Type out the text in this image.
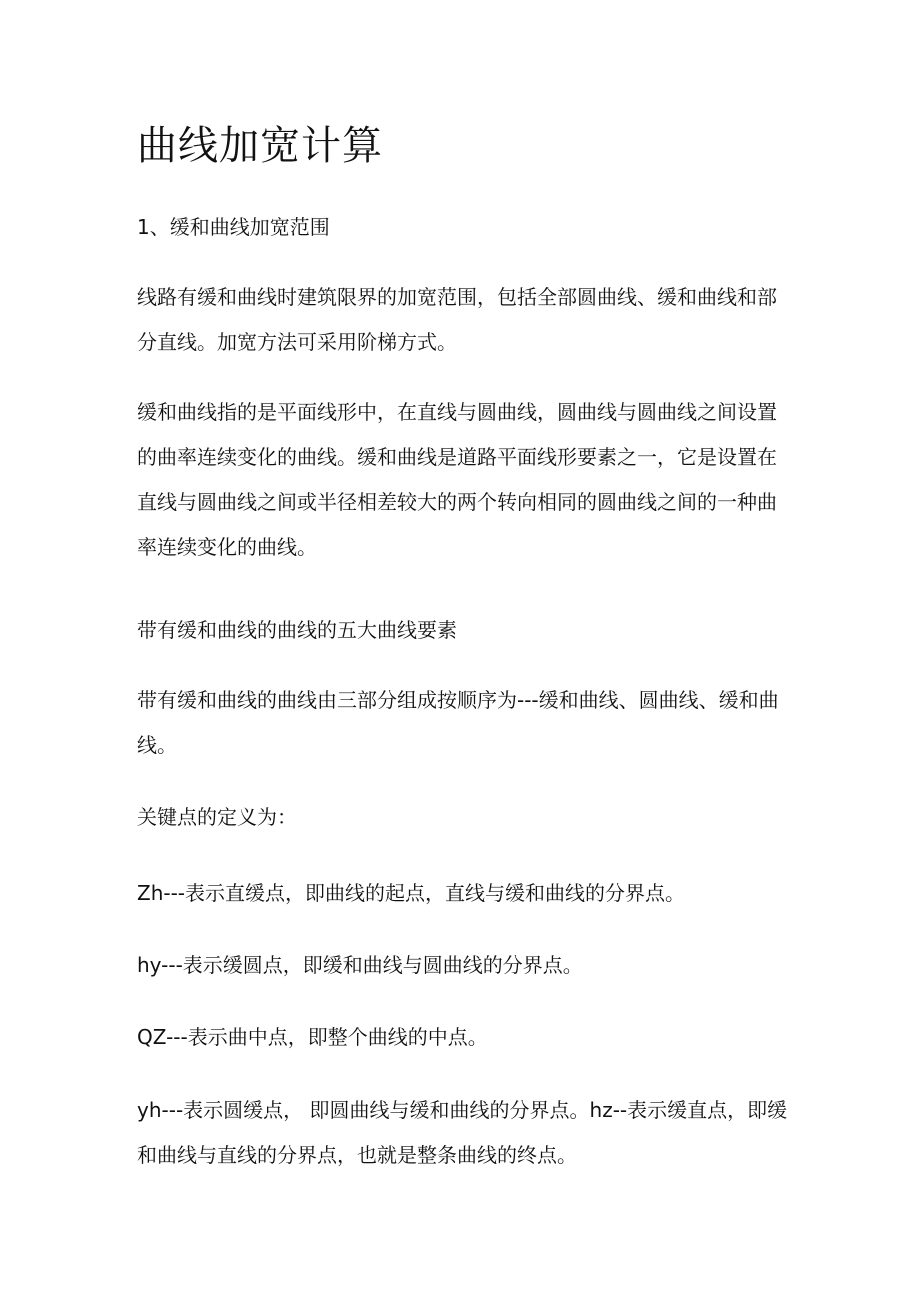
曲线加宽计算

1、缓和曲线加宽范围

线路有缓和曲线时建筑限界的加宽范围，包括全部圆曲线、缓和曲线和部
分直线。加宽方法可采用阶梯方式。

缓和曲线指的是平面线形中，在直线与圆曲线，圆曲线与圆曲线之间设置
的曲率连续变化的曲线。缓和曲线是道路平面线形要素之一，它是设置在
直线与圆曲线之间或半径相差较大的两个转向相同的圆曲线之间的一种曲
率连续变化的曲线。

带有缓和曲线的曲线的五大曲线要素

带有缓和曲线的曲线由三部分组成按顺序为---缓和曲线、圆曲线、缓和曲
线。

关键点的定义为：

Zh---表示直缓点，即曲线的起点，直线与缓和曲线的分界点。

hy---表示缓圆点，即缓和曲线与圆曲线的分界点。

QZ---表示曲中点，即整个曲线的中点。

yh---表示圆缓点， 即圆曲线与缓和曲线的分界点。hz--表示缓直点，即缓
和曲线与直线的分界点，也就是整条曲线的终点。
